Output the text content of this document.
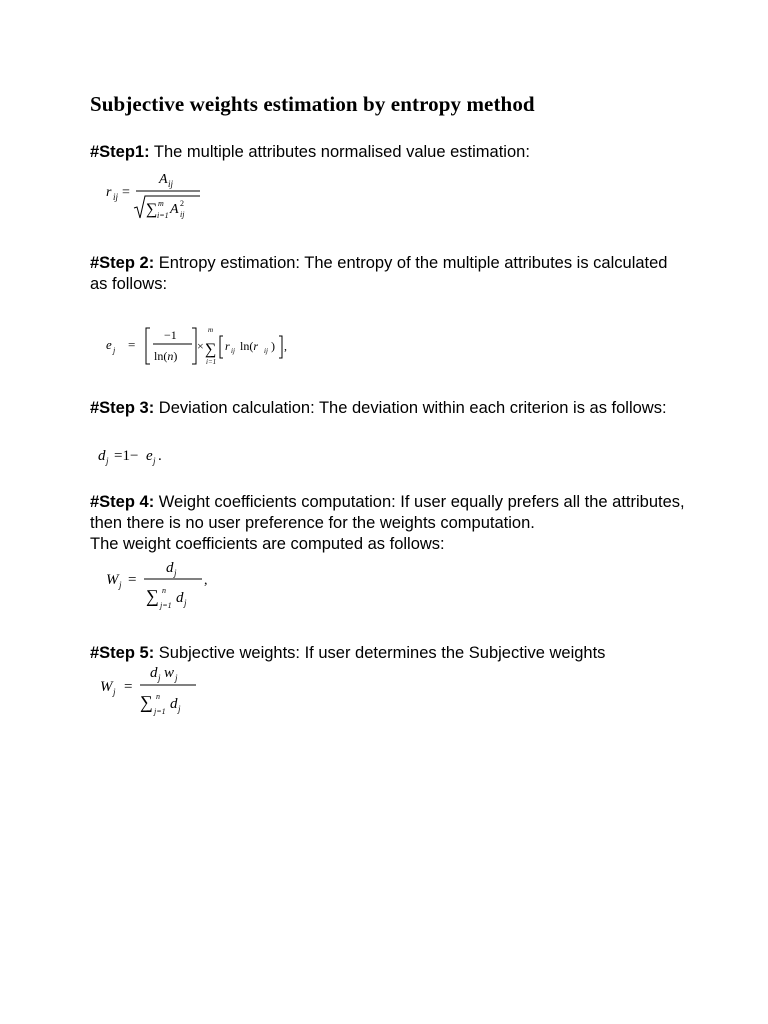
Subjective weights estimation by entropy method

#Step1: The multiple attributes normalised value estimation:

r ij =
A ij
∑ m
i=1 A 2
ij

#Step 2: Entropy estimation: The entropy of the multiple attributes is calculated as follows:

e j =
−1
ln(n)
× ∑
m
i=1
r ij ln(r ij ) ,

#Step 3: Deviation calculation: The deviation within each criterion is as follows:

d j =1− e j .

#Step 4: Weight coefficients computation: If user equally prefers all the attributes, then there is no user preference for the weights computation.
The weight coefficients are computed as follows:

W j =
d j
∑ n
j=1 d j
,

#Step 5: Subjective weights: If user determines the Subjective weights

W j =
d j w j
∑ n
j=1 d j
